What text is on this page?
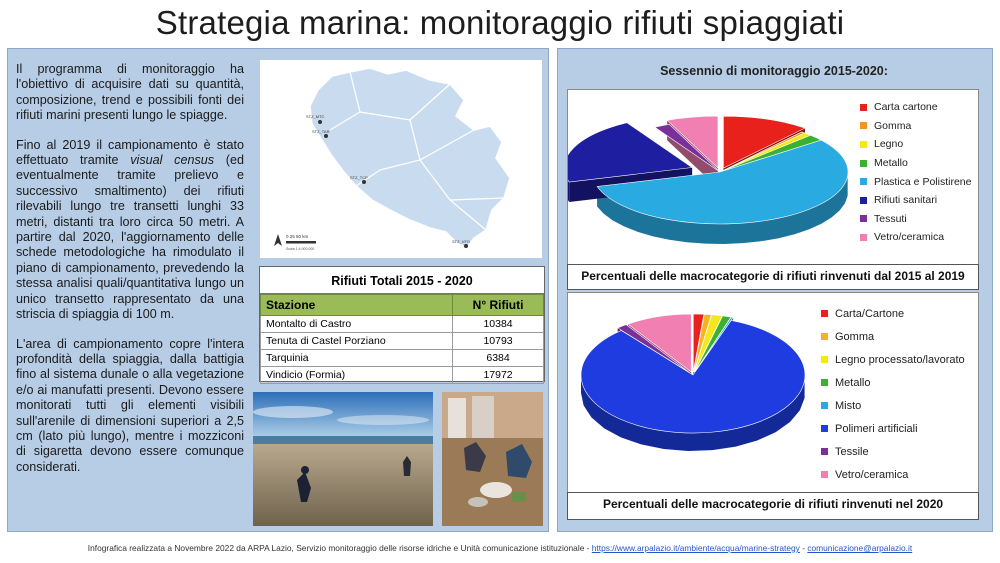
Strategia marina: monitoraggio rifiuti spiaggiati

Il programma di monitoraggio ha l'obiettivo di acquisire dati su quantità, composizione, trend e possibili fonti dei rifiuti marini presenti lungo le spiagge.

Fino al 2019 il campionamento è stato effettuato tramite visual census (ed eventualmente tramite prelievo e successivo smaltimento) dei rifiuti rilevabili lungo tre transetti lunghi 33 metri, distanti tra loro circa 50 metri. A partire dal 2020, l'aggiornamento delle schede metodologiche ha rimodulato il piano di campionamento, prevedendo la stessa analisi quali/quantitativa lungo un unico transetto rappresentato da una striscia di spiaggia di 100 m.

L'area di campionamento copre l'intera profondità della spiaggia, dalla battigia fino al sistema dunale o alla vegetazione e/o ai manufatti presenti. Devono essere monitorati tutti gli elementi visibili sull'arenile di dimensioni superiori a 2,5 cm (lato più lungo), mentre i mozziconi di sigaretta devono essere comunque considerati.

STZ_MTC
STZ_TAR
STZ_TCP
STZ_VFO
0 25 50 km
Scala 1:4.000.000
Rifiuti Totali 2015 - 2020
Stazione	N° Rifiuti
Montalto di Castro	10384
Tenuta di Castel Porziano	10793
Tarquinia	6384
Vindicio (Formia)	17972
Sessennio di monitoraggio 2015-2020:
Carta cartone
Gomma
Legno
Metallo
Plastica e Polistirene
Rifiuti sanitari
Tessuti
Vetro/ceramica
Percentuali delle macrocategorie di rifiuti rinvenuti dal 2015 al 2019
Carta/Cartone
Gomma
Legno processato/lavorato
Metallo
Misto
Polimeri artificiali
Tessile
Vetro/ceramica
Percentuali delle macrocategorie di rifiuti rinvenuti nel 2020
Infografica realizzata a Novembre 2022 da ARPA Lazio, Servizio monitoraggio delle risorse idriche e Unità comunicazione istituzionale - https://www.arpalazio.it/ambiente/acqua/marine-strategy - comunicazione@arpalazio.it
